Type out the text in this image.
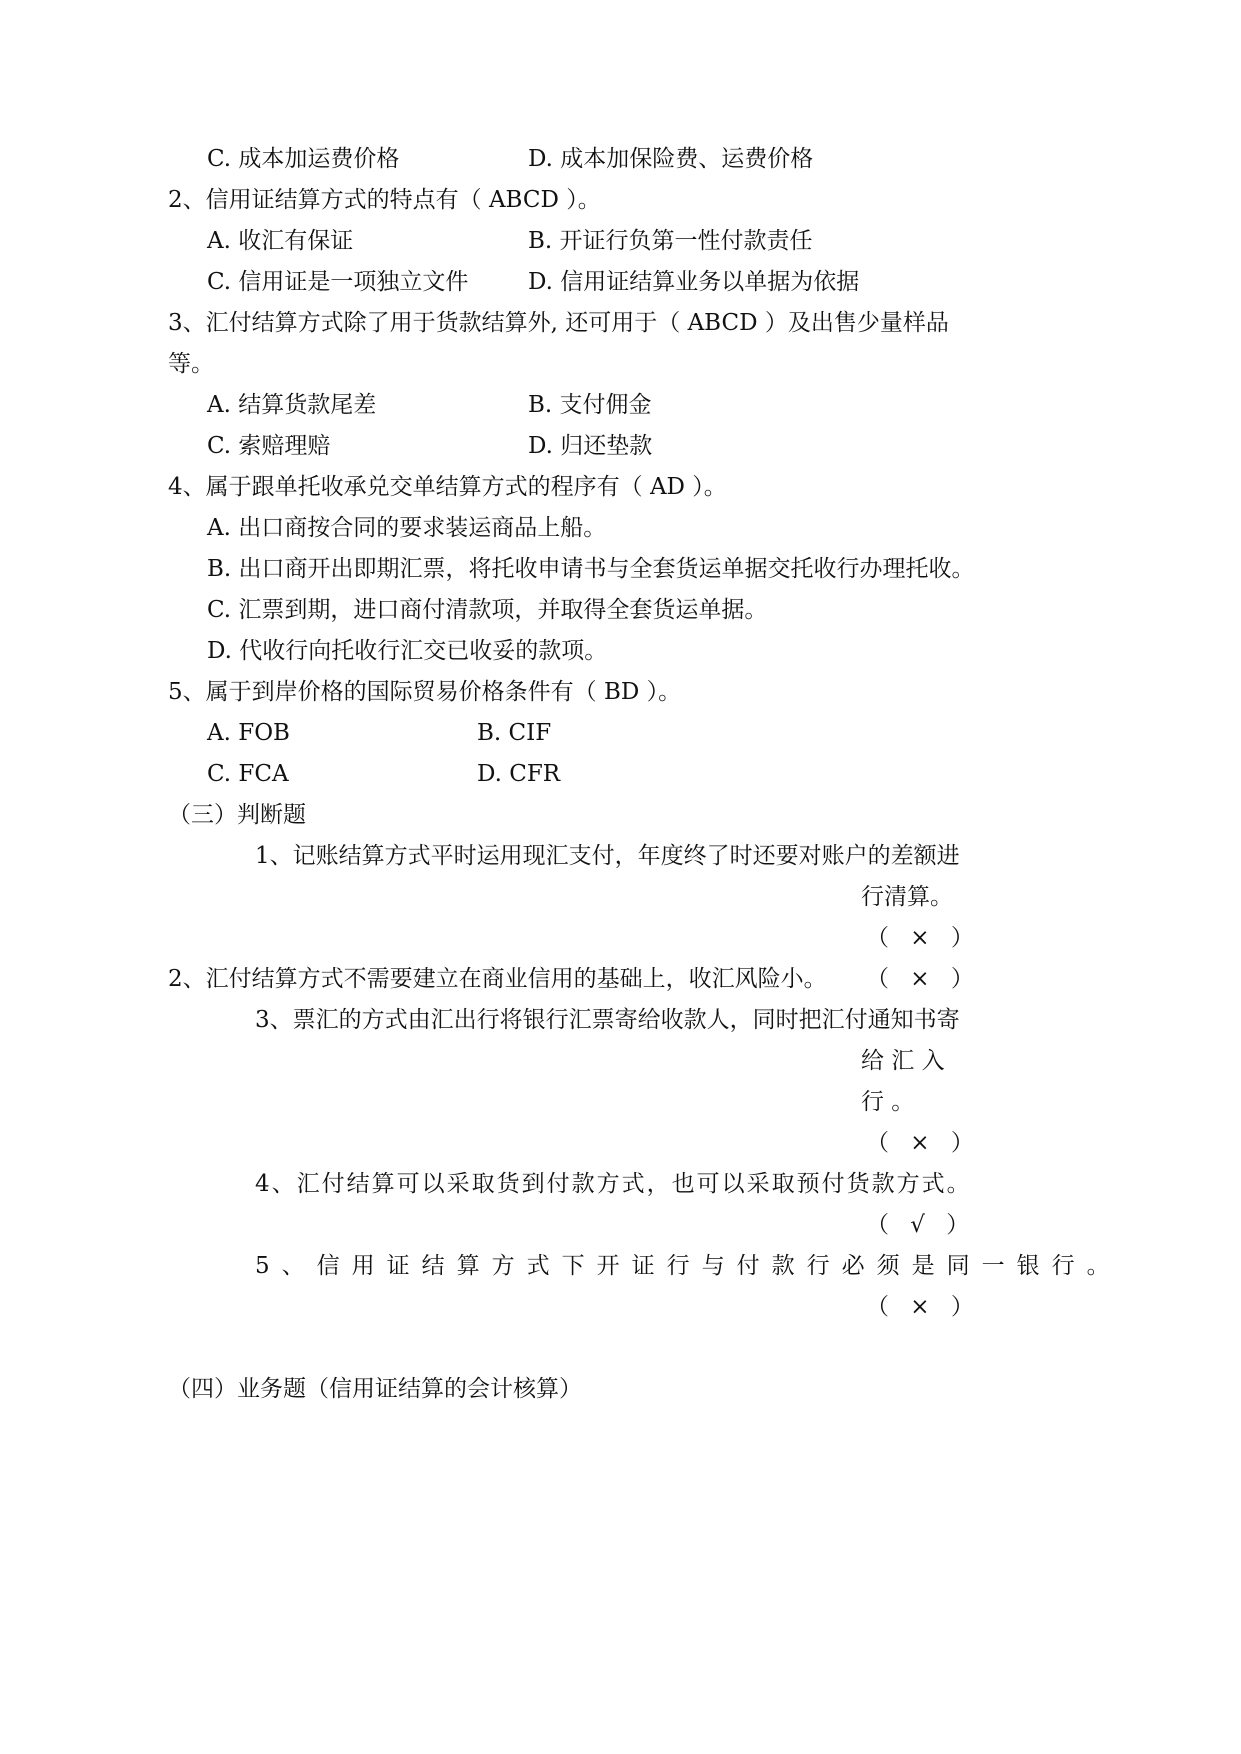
C. 成本加运费价格	D. 成本加保险费、运费价格
2、信用证结算方式的特点有（ ABCD ）。
A. 收汇有保证	B. 开证行负第一性付款责任
C. 信用证是一项独立文件	D. 信用证结算业务以单据为依据
3、汇付结算方式除了用于货款结算外, 还可用于（ ABCD ）及出售少量样品
等。
A. 结算货款尾差	B. 支付佣金
C. 索赔理赔	D. 归还垫款
4、属于跟单托收承兑交单结算方式的程序有（ AD ）。
A. 出口商按合同的要求装运商品上船。
B. 出口商开出即期汇票，将托收申请书与全套货运单据交托收行办理托收。
C. 汇票到期，进口商付清款项，并取得全套货运单据。
D. 代收行向托收行汇交已收妥的款项。
5、属于到岸价格的国际贸易价格条件有（ BD ）。
A. FOB	B. CIF
C. FCA	D. CFR
（三）判断题
1、记账结算方式平时运用现汇支付，年度终了时还要对账户的差额进
行清算。
（ × ）
2、汇付结算方式不需要建立在商业信用的基础上，收汇风险小。 （ × ）
3、票汇的方式由汇出行将银行汇票寄给收款人，同时把汇付通知书寄
给 汇 入
行 。
（ × ）
4、汇付结算可以采取货到付款方式，也可以采取预付货款方式。
（ √ ）
5、信用证结算方式下开证行与付款行必须是同一银行。
（ × ）
（四）业务题（信用证结算的会计核算）
